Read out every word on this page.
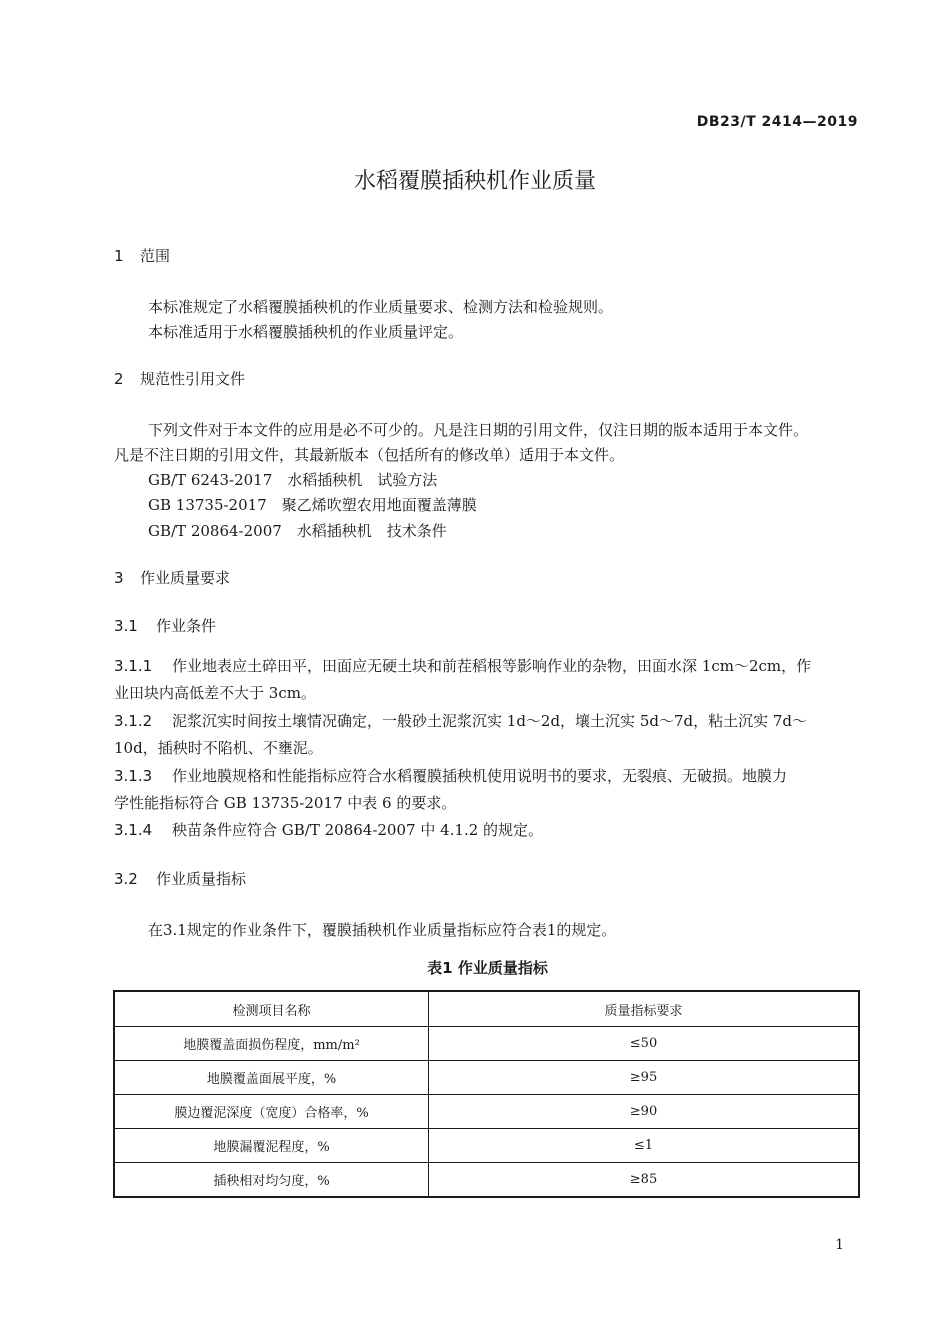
DB23/T 2414—2019
水稻覆膜插秧机作业质量
1 范围
本标准规定了水稻覆膜插秧机的作业质量要求、检测方法和检验规则。
本标准适用于水稻覆膜插秧机的作业质量评定。
2 规范性引用文件
下列文件对于本文件的应用是必不可少的。凡是注日期的引用文件，仅注日期的版本适用于本文件。
凡是不注日期的引用文件，其最新版本（包括所有的修改单）适用于本文件。
GB/T 6243-2017　水稻插秧机　试验方法
GB 13735-2017　聚乙烯吹塑农用地面覆盖薄膜
GB/T 20864-2007　水稻插秧机　技术条件
3 作业质量要求
3.1 作业条件
3.1.1 作业地表应土碎田平，田面应无硬土块和前茬稻根等影响作业的杂物，田面水深 1cm～2cm，作
业田块内高低差不大于 3cm。
3.1.2 泥浆沉实时间按土壤情况确定，一般砂土泥浆沉实 1d～2d，壤土沉实 5d～7d，粘土沉实 7d～
10d，插秧时不陷机、不壅泥。
3.1.3 作业地膜规格和性能指标应符合水稻覆膜插秧机使用说明书的要求，无裂痕、无破损。地膜力
学性能指标符合 GB 13735-2017 中表 6 的要求。
3.1.4 秧苗条件应符合 GB/T 20864-2007 中 4.1.2 的规定。
3.2 作业质量指标
在3.1规定的作业条件下，覆膜插秧机作业质量指标应符合表1的规定。
表1 作业质量指标
检测项目名称	质量指标要求
地膜覆盖面损伤程度，mm/m²	≤50
地膜覆盖面展平度，%	≥95
膜边覆泥深度（宽度）合格率，%	≥90
地膜漏覆泥程度，%	≤1
插秧相对均匀度，%	≥85
1
